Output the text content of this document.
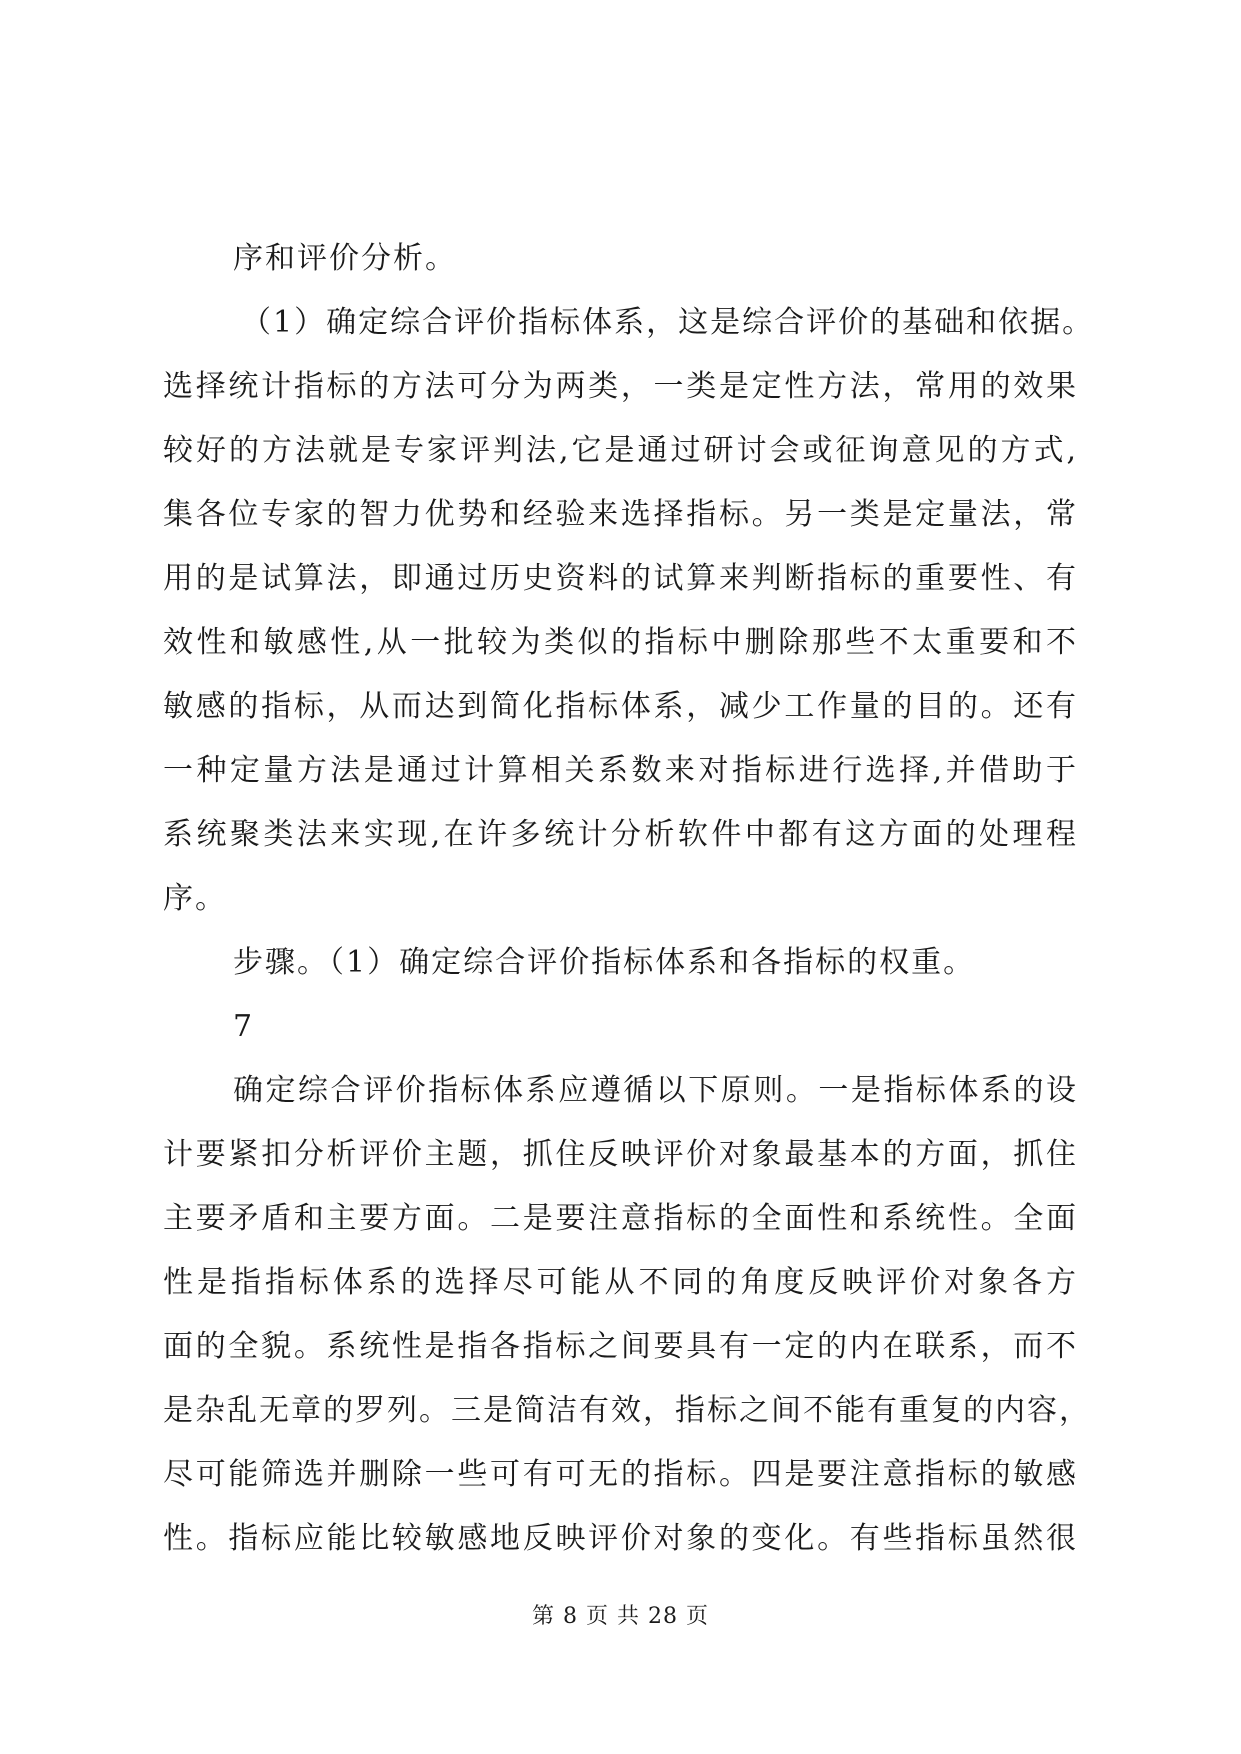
序和评价分析。
（1）确定综合评价指标体系，这是综合评价的基础和依据。
选择统计指标的方法可分为两类，一类是定性方法，常用的效果
较好的方法就是专家评判法,它是通过研讨会或征询意见的方式,
集各位专家的智力优势和经验来选择指标。另一类是定量法，常
用的是试算法，即通过历史资料的试算来判断指标的重要性、有
效性和敏感性,从一批较为类似的指标中删除那些不太重要和不
敏感的指标，从而达到简化指标体系，减少工作量的目的。还有
一种定量方法是通过计算相关系数来对指标进行选择,并借助于
系统聚类法来实现,在许多统计分析软件中都有这方面的处理程
序。
步骤。（1）确定综合评价指标体系和各指标的权重。
7
确定综合评价指标体系应遵循以下原则。一是指标体系的设
计要紧扣分析评价主题，抓住反映评价对象最基本的方面，抓住
主要矛盾和主要方面。二是要注意指标的全面性和系统性。全面
性是指指标体系的选择尽可能从不同的角度反映评价对象各方
面的全貌。系统性是指各指标之间要具有一定的内在联系，而不
是杂乱无章的罗列。三是简洁有效，指标之间不能有重复的内容，
尽可能筛选并删除一些可有可无的指标。四是要注意指标的敏感
性。指标应能比较敏感地反映评价对象的变化。有些指标虽然很
第 8 页 共 28 页
